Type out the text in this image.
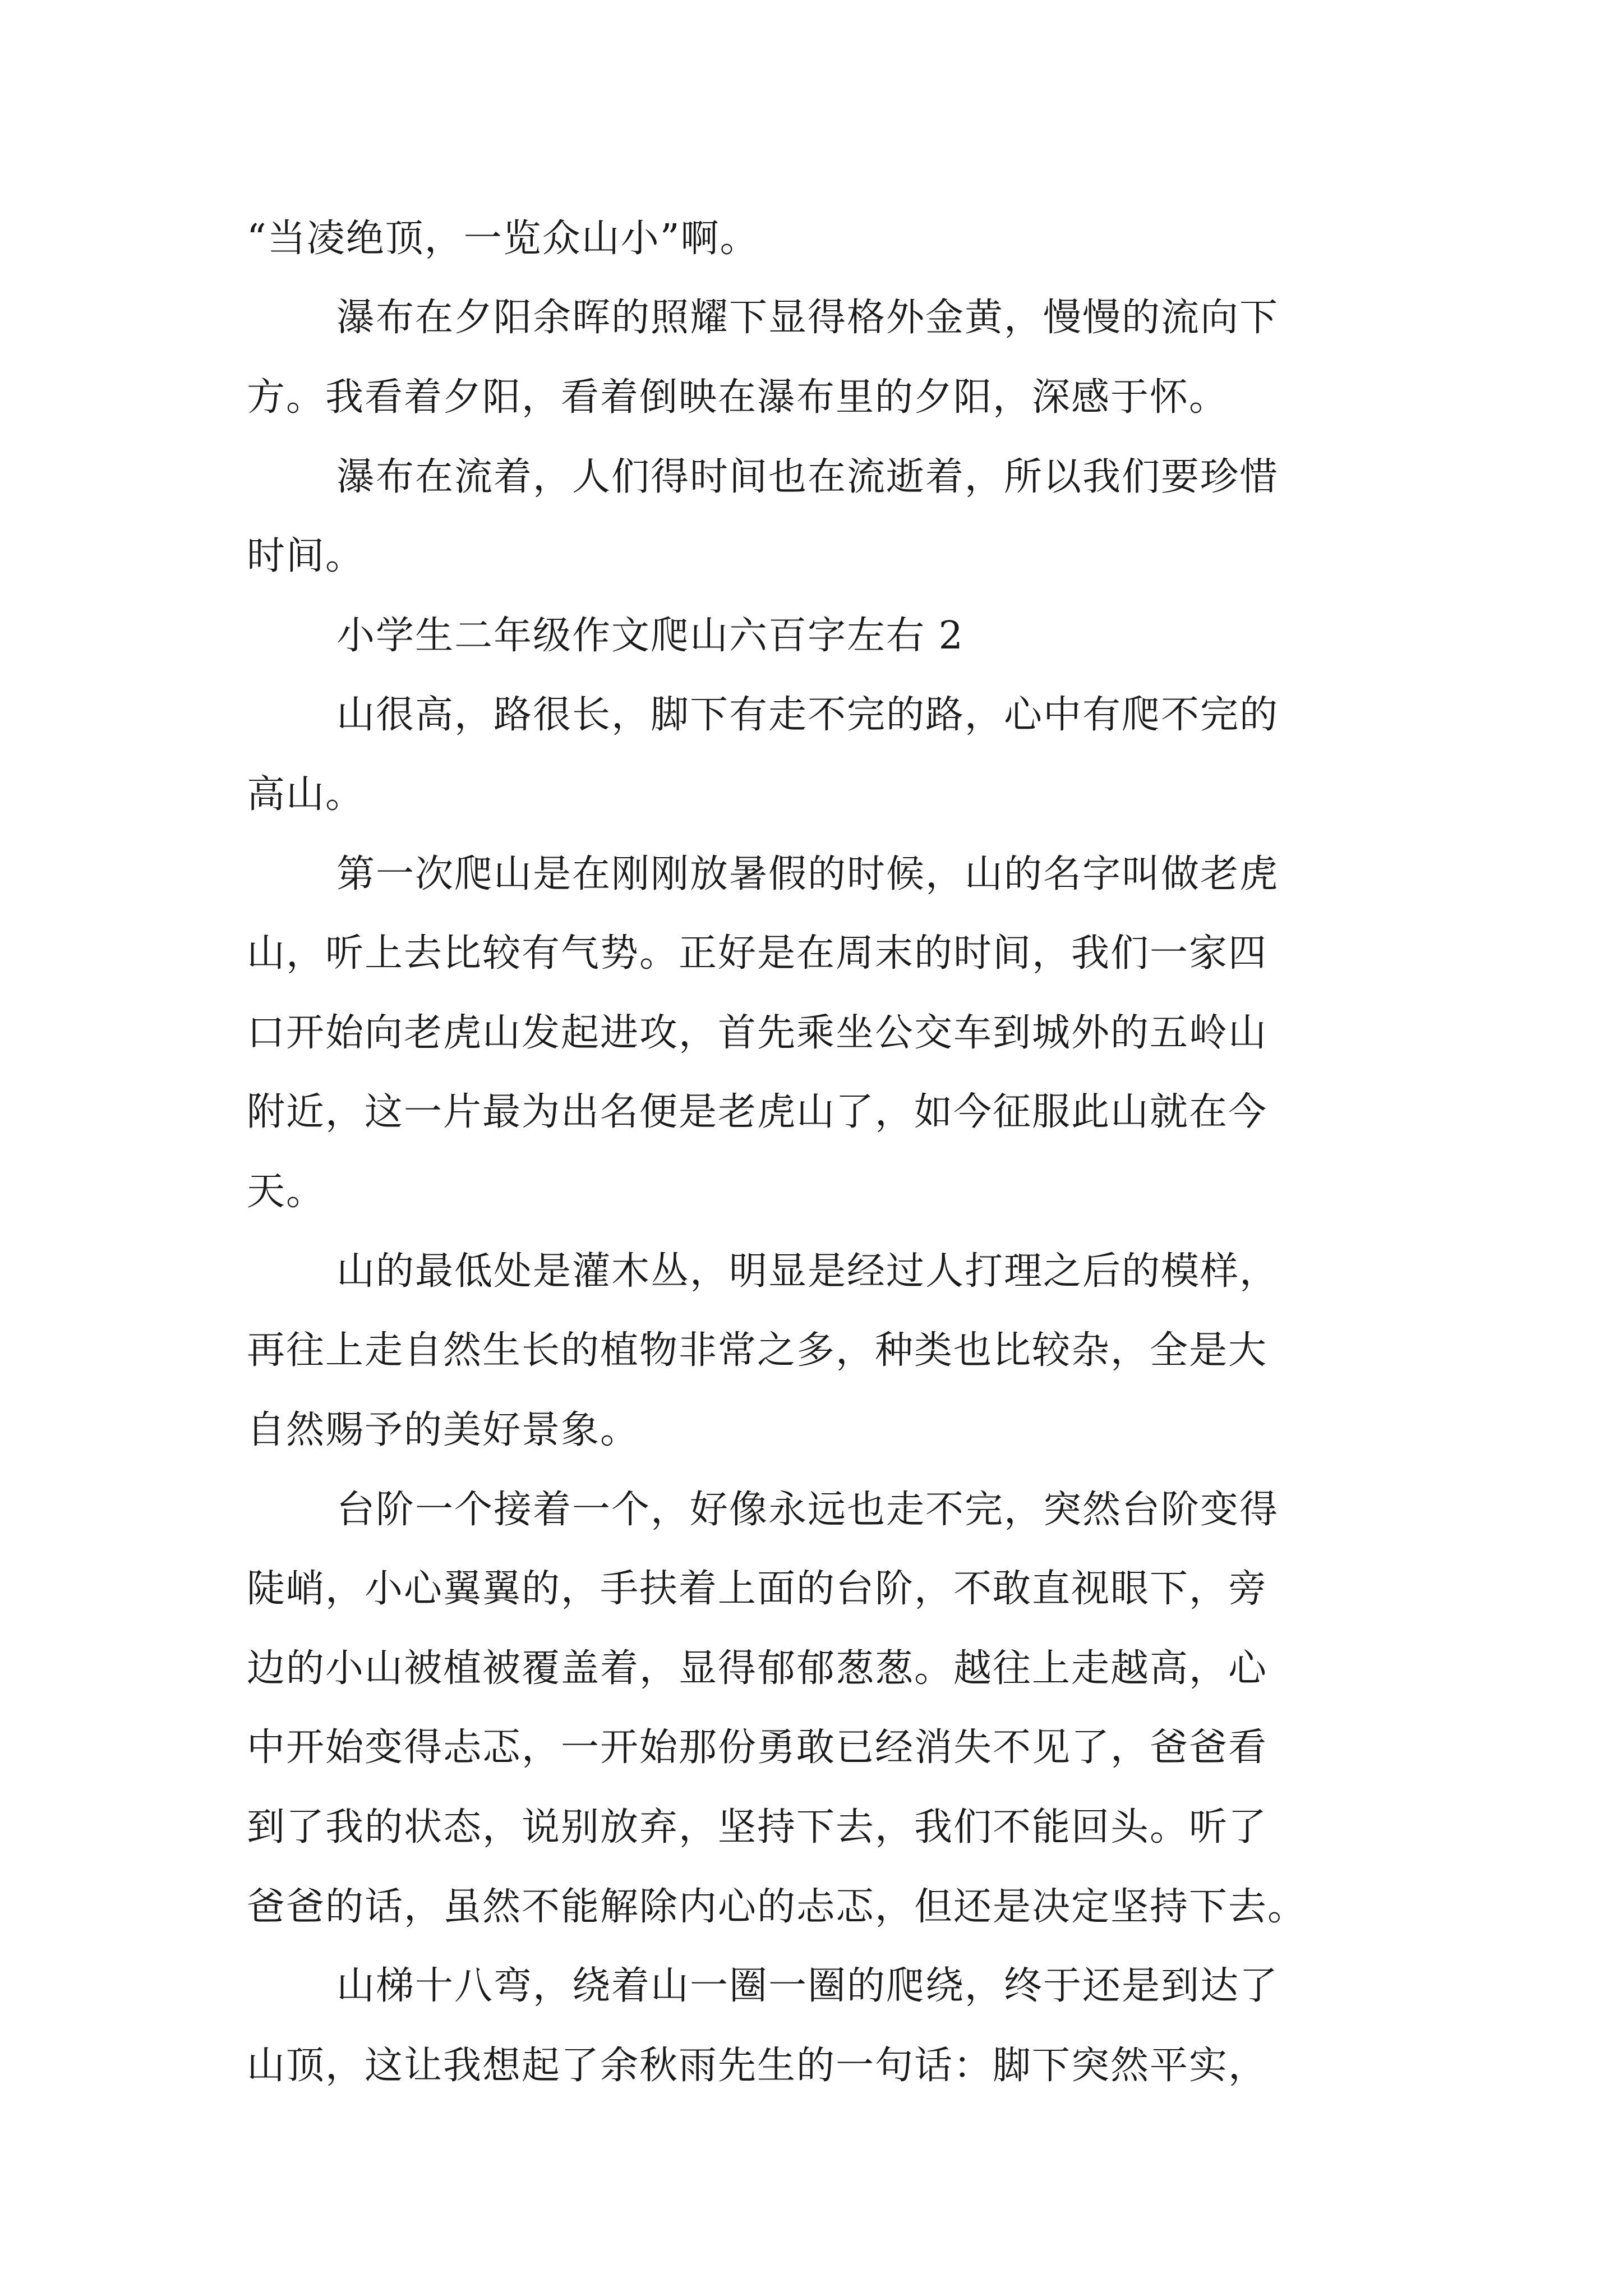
“当凌绝顶，一览众山小”啊。
瀑布在夕阳余晖的照耀下显得格外金黄，慢慢的流向下
方。我看着夕阳，看着倒映在瀑布里的夕阳，深感于怀。
瀑布在流着，人们得时间也在流逝着，所以我们要珍惜
时间。
小学生二年级作文爬山六百字左右 2
山很高，路很长，脚下有走不完的路，心中有爬不完的
高山。
第一次爬山是在刚刚放暑假的时候，山的名字叫做老虎
山，听上去比较有气势。正好是在周末的时间，我们一家四
口开始向老虎山发起进攻，首先乘坐公交车到城外的五岭山
附近，这一片最为出名便是老虎山了，如今征服此山就在今
天。
山的最低处是灌木丛，明显是经过人打理之后的模样，
再往上走自然生长的植物非常之多，种类也比较杂，全是大
自然赐予的美好景象。
台阶一个接着一个，好像永远也走不完，突然台阶变得
陡峭，小心翼翼的，手扶着上面的台阶，不敢直视眼下，旁
边的小山被植被覆盖着，显得郁郁葱葱。越往上走越高，心
中开始变得忐忑，一开始那份勇敢已经消失不见了，爸爸看
到了我的状态，说别放弃，坚持下去，我们不能回头。听了
爸爸的话，虽然不能解除内心的忐忑，但还是决定坚持下去。
山梯十八弯，绕着山一圈一圈的爬绕，终于还是到达了
山顶，这让我想起了余秋雨先生的一句话：脚下突然平实，
